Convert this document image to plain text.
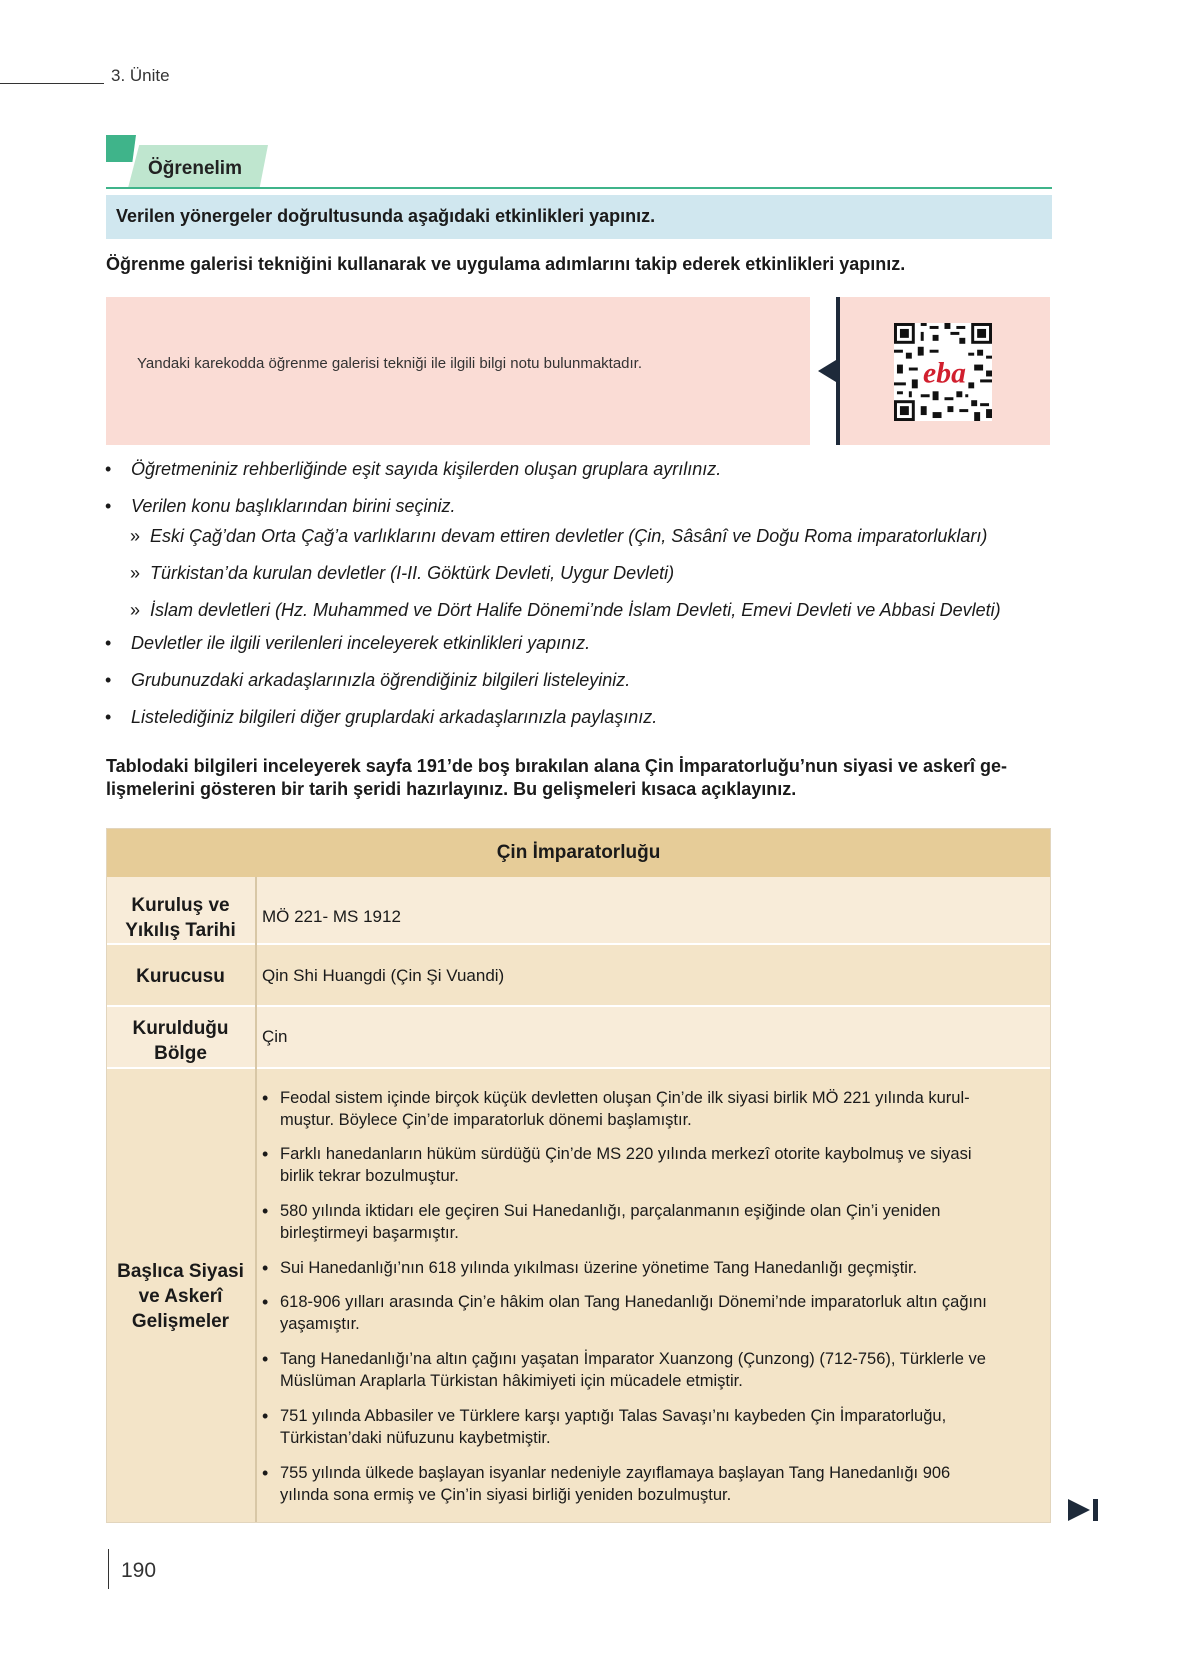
3. Ünite
Öğrenelim
Verilen yönergeler doğrultusunda aşağıdaki etkinlikleri yapınız.
Öğrenme galerisi tekniğini kullanarak ve uygulama adımlarını takip ederek etkinlikleri yapınız.
Yandaki karekodda öğrenme galerisi tekniği ile ilgili bilgi notu bulunmaktadır.	eba
• Öğretmeniniz rehberliğinde eşit sayıda kişilerden oluşan gruplara ayrılınız.
• Verilen konu başlıklarından birini seçiniz.
» Eski Çağ’dan Orta Çağ’a varlıklarını devam ettiren devletler (Çin, Sâsânî ve Doğu Roma imparatorlukları)
» Türkistan’da kurulan devletler (I-II. Göktürk Devleti, Uygur Devleti)
» İslam devletleri (Hz. Muhammed ve Dört Halife Dönemi’nde İslam Devleti, Emevi Devleti ve Abbasi Devleti)
• Devletler ile ilgili verilenleri inceleyerek etkinlikleri yapınız.
• Grubunuzdaki arkadaşlarınızla öğrendiğiniz bilgileri listeleyiniz.
• Listelediğiniz bilgileri diğer gruplardaki arkadaşlarınızla paylaşınız.
Tablodaki bilgileri inceleyerek sayfa 191’de boş bırakılan alana Çin İmparatorluğu’nun siyasi ve askerî ge-
lişmelerini gösteren bir tarih şeridi hazırlayınız. Bu gelişmeleri kısaca açıklayınız.
Çin İmparatorluğu
Kuruluş ve
Yıkılış Tarihi
MÖ 221- MS 1912
Kurucusu	Qin Shi Huangdi (Çin Şi Vuandi)
Kurulduğu
Bölge
Çin
Başlıca Siyasi
ve Askerî
Gelişmeler
• Feodal sistem içinde birçok küçük devletten oluşan Çin’de ilk siyasi birlik MÖ 221 yılında kurul-
muştur. Böylece Çin’de imparatorluk dönemi başlamıştır.
• Farklı hanedanların hüküm sürdüğü Çin’de MS 220 yılında merkezî otorite kaybolmuş ve siyasi
birlik tekrar bozulmuştur.
• 580 yılında iktidarı ele geçiren Sui Hanedanlığı, parçalanmanın eşiğinde olan Çin’i yeniden
birleştirmeyi başarmıştır.
• Sui Hanedanlığı’nın 618 yılında yıkılması üzerine yönetime Tang Hanedanlığı geçmiştir.
• 618-906 yılları arasında Çin’e hâkim olan Tang Hanedanlığı Dönemi’nde imparatorluk altın çağını
yaşamıştır.
• Tang Hanedanlığı’na altın çağını yaşatan İmparator Xuanzong (Çunzong) (712-756), Türklerle ve
Müslüman Araplarla Türkistan hâkimiyeti için mücadele etmiştir.
• 751 yılında Abbasiler ve Türklere karşı yaptığı Talas Savaşı’nı kaybeden Çin İmparatorluğu,
Türkistan’daki nüfuzunu kaybetmiştir.
• 755 yılında ülkede başlayan isyanlar nedeniyle zayıflamaya başlayan Tang Hanedanlığı 906
yılında sona ermiş ve Çin’in siyasi birliği yeniden bozulmuştur.
190
